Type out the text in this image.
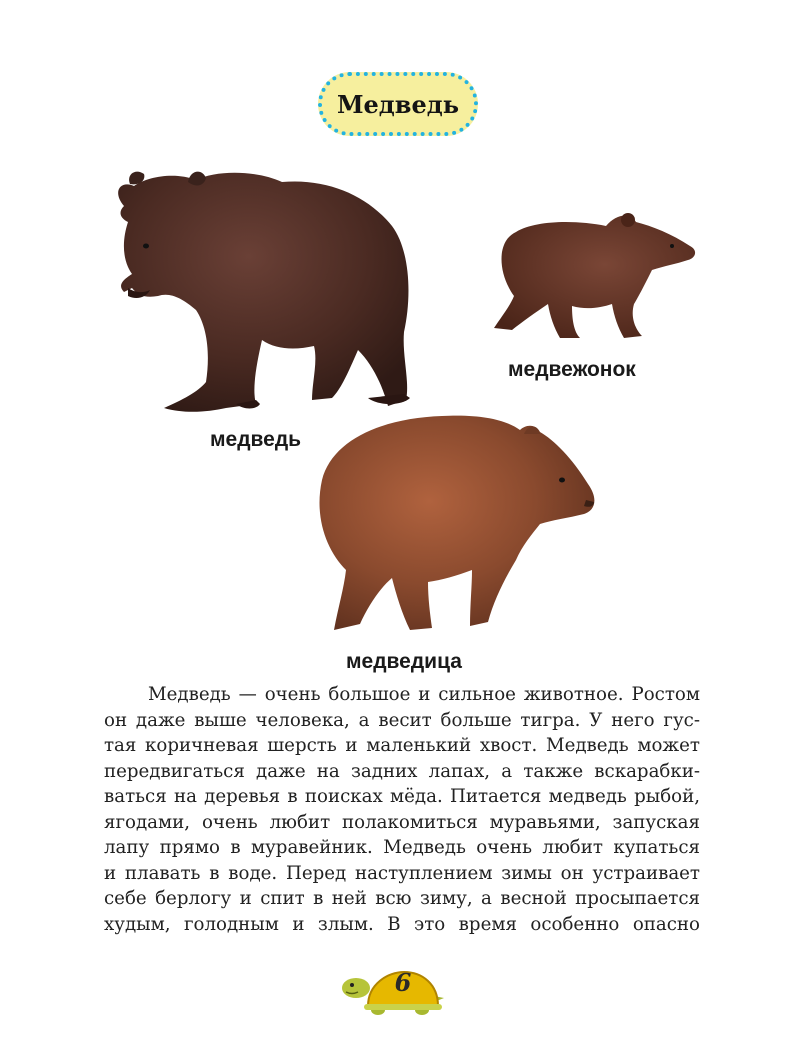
Медведь
медведь
медвежонок
медведица
Медведь — очень большое и сильное животное. Ростом
он даже выше человека, а весит больше тигра. У него гус-
тая коричневая шерсть и маленький хвост. Медведь может
передвигаться даже на задних лапах, а также вскарабки-
ваться на деревья в поисках мёда. Питается медведь рыбой,
ягодами, очень любит полакомиться муравьями, запуская
лапу прямо в муравейник. Медведь очень любит купаться
и плавать в воде. Перед наступлением зимы он устраивает
себе берлогу и спит в ней всю зиму, а весной просыпается
худым, голодным и злым. В это время особенно опасно
6
